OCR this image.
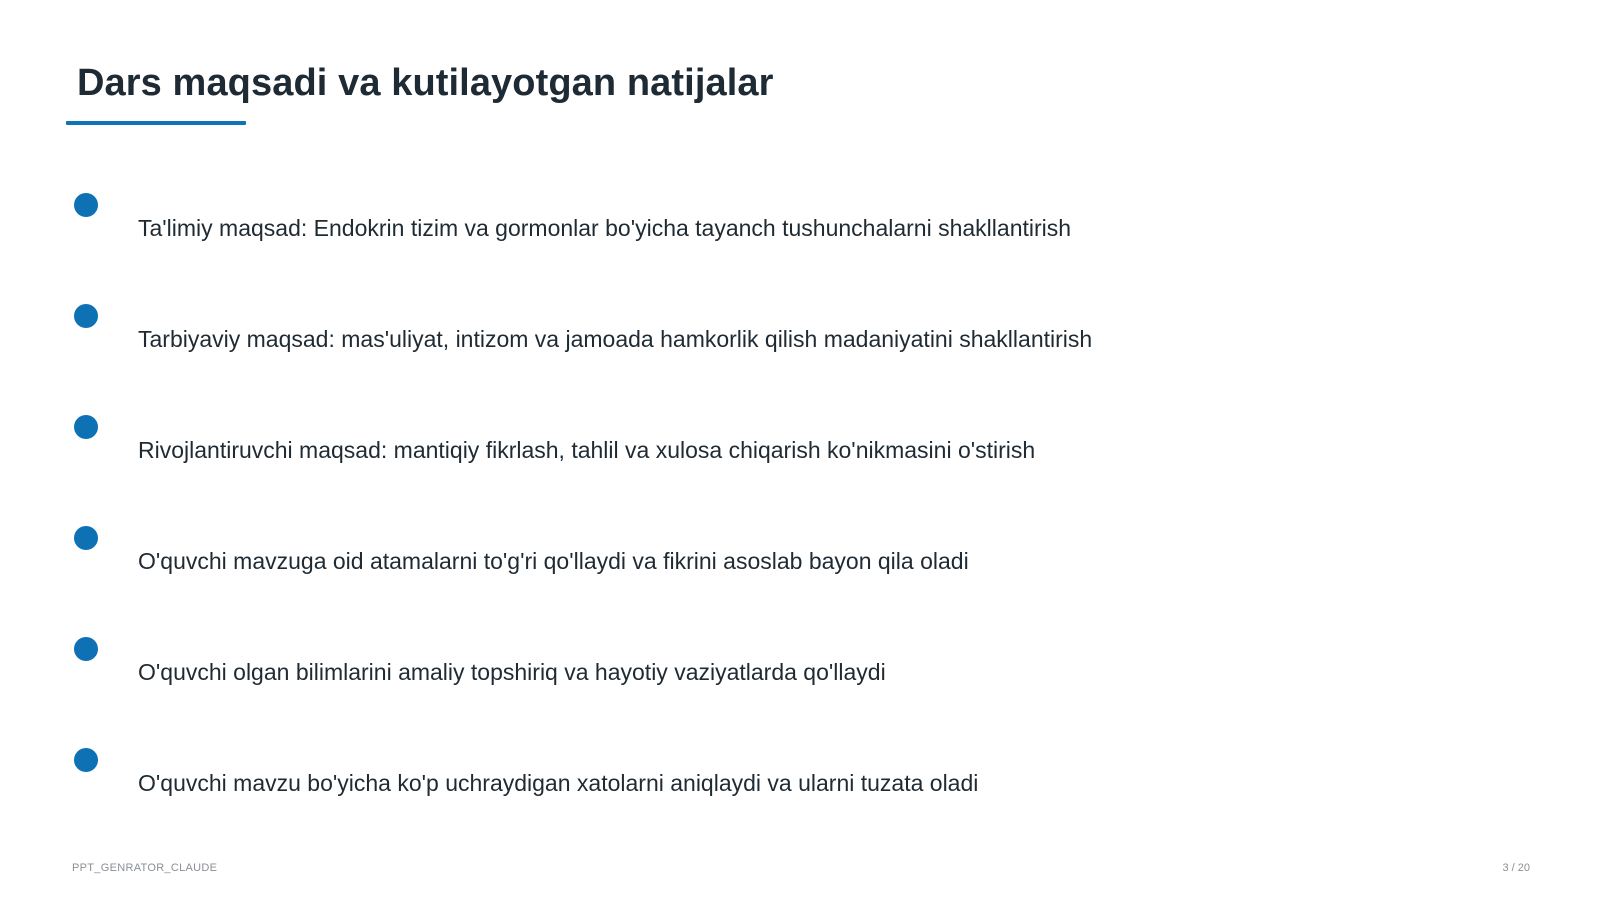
Dars maqsadi va kutilayotgan natijalar
Ta'limiy maqsad: Endokrin tizim va gormonlar bo'yicha tayanch tushunchalarni shakllantirish
Tarbiyaviy maqsad: mas'uliyat, intizom va jamoada hamkorlik qilish madaniyatini shakllantirish
Rivojlantiruvchi maqsad: mantiqiy fikrlash, tahlil va xulosa chiqarish ko'nikmasini o'stirish
O'quvchi mavzuga oid atamalarni to'g'ri qo'llaydi va fikrini asoslab bayon qila oladi
O'quvchi olgan bilimlarini amaliy topshiriq va hayotiy vaziyatlarda qo'llaydi
O'quvchi mavzu bo'yicha ko'p uchraydigan xatolarni aniqlaydi va ularni tuzata oladi
PPT_GENRATOR_CLAUDE	3 / 20
